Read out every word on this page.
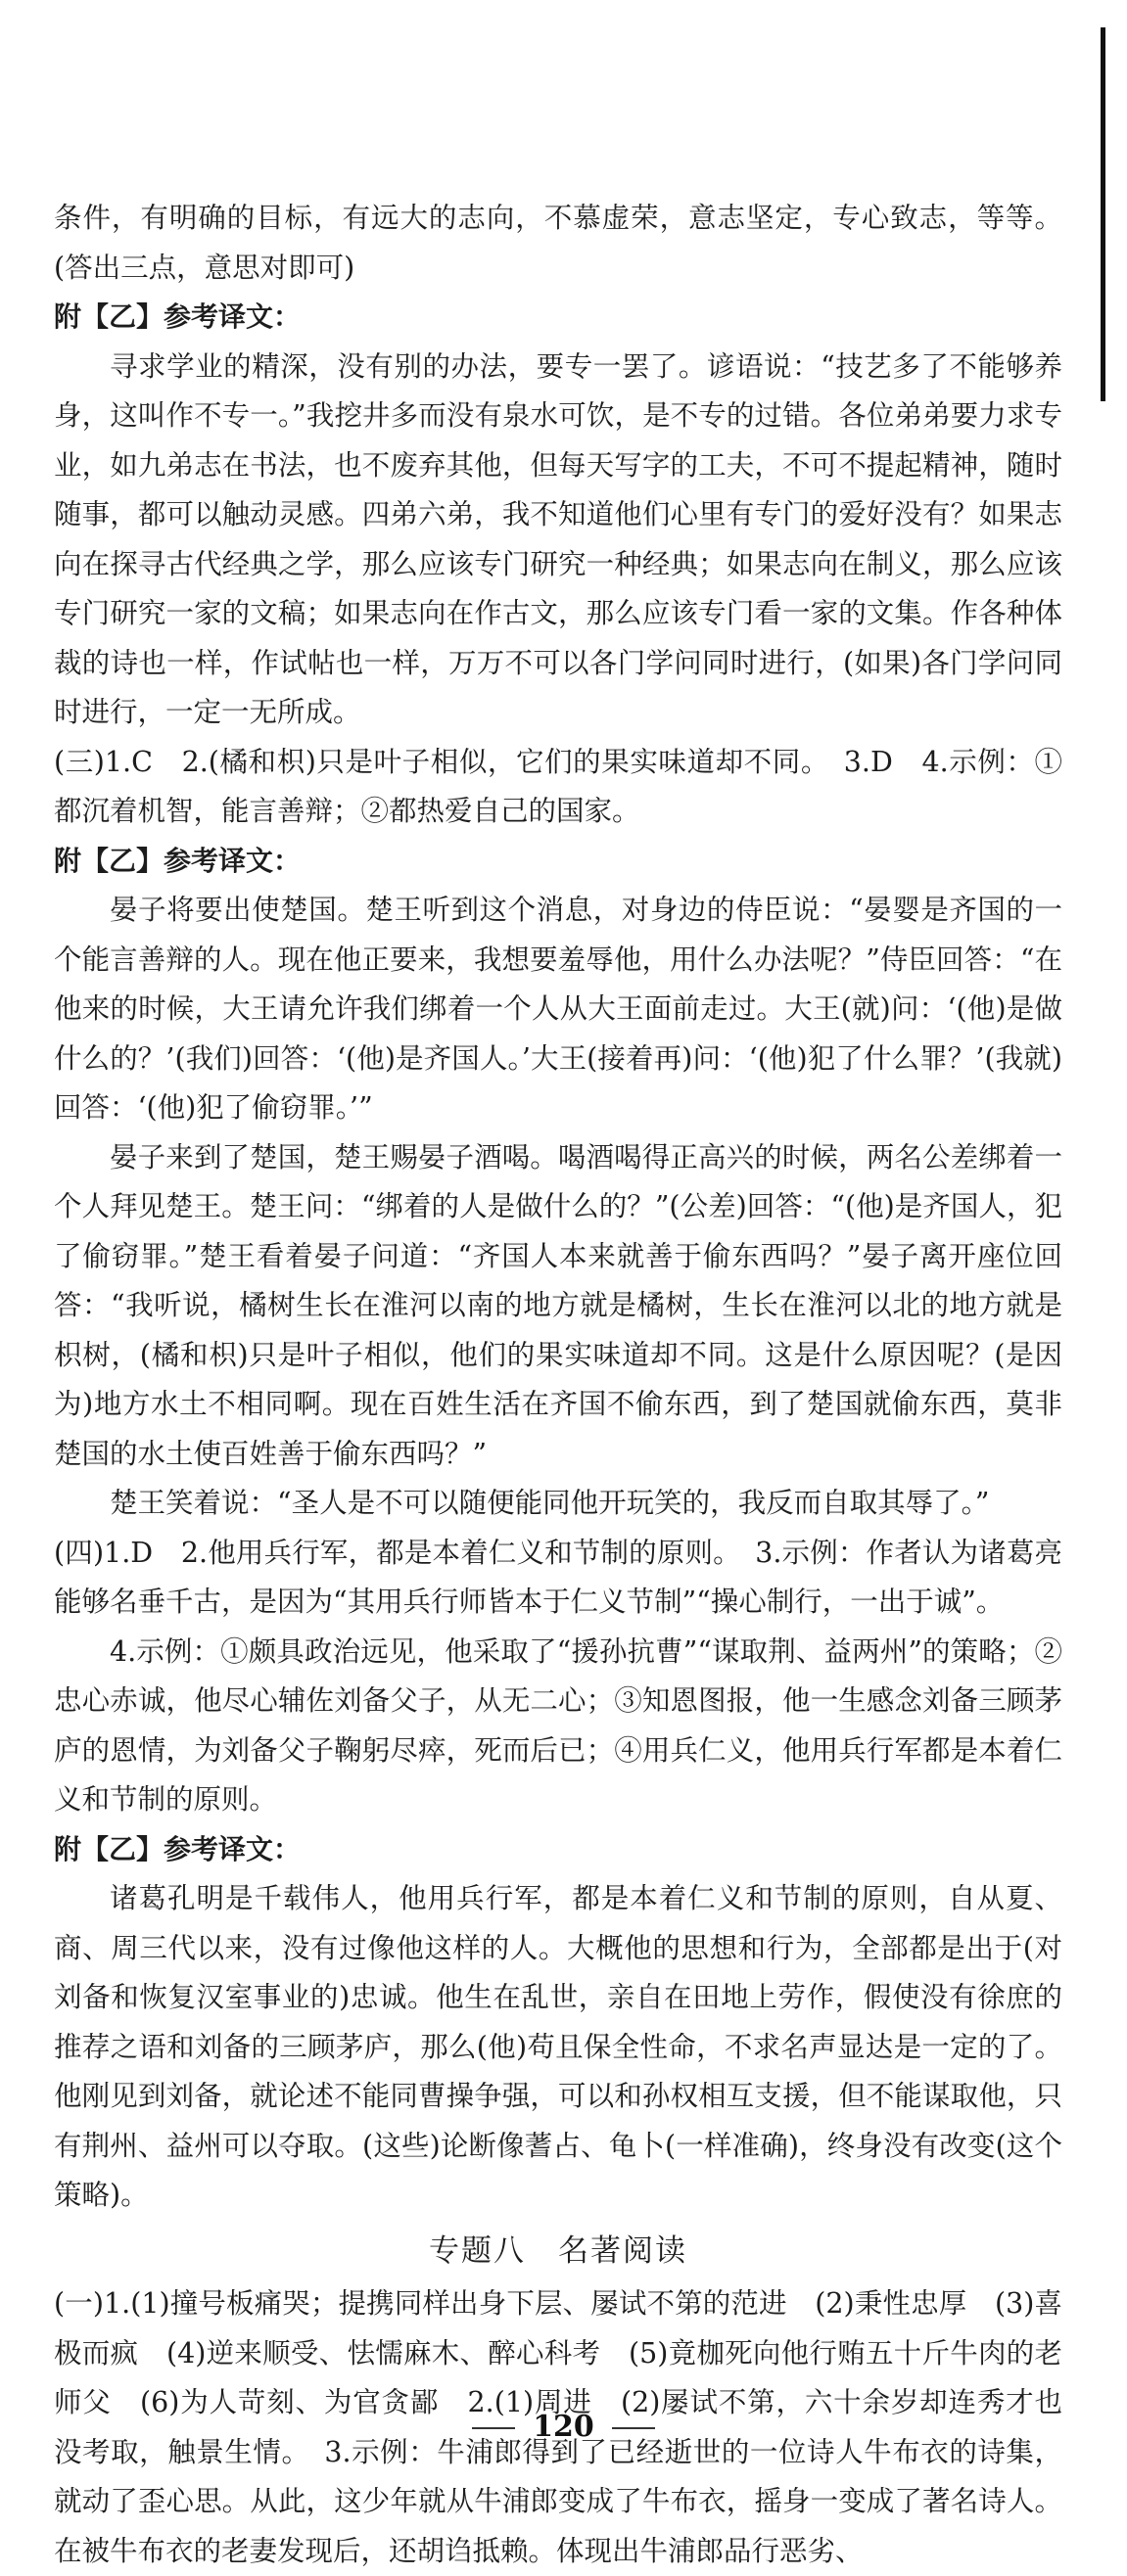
条件，有明确的目标，有远大的志向，不慕虚荣，意志坚定，专心致志，等等。(答出三点，意思对即可)

附【乙】参考译文：

寻求学业的精深，没有别的办法，要专一罢了。谚语说：“技艺多了不能够养身，这叫作不专一。”我挖井多而没有泉水可饮，是不专的过错。各位弟弟要力求专业，如九弟志在书法，也不废弃其他，但每天写字的工夫，不可不提起精神，随时随事，都可以触动灵感。四弟六弟，我不知道他们心里有专门的爱好没有？如果志向在探寻古代经典之学，那么应该专门研究一种经典；如果志向在制义，那么应该专门研究一家的文稿；如果志向在作古文，那么应该专门看一家的文集。作各种体裁的诗也一样，作试帖也一样，万万不可以各门学问同时进行，(如果)各门学问同时进行，一定一无所成。

(三)1.C　2.(橘和枳)只是叶子相似，它们的果实味道却不同。　3.D　4.示例：①都沉着机智，能言善辩；②都热爱自己的国家。

附【乙】参考译文：

晏子将要出使楚国。楚王听到这个消息，对身边的侍臣说：“晏婴是齐国的一个能言善辩的人。现在他正要来，我想要羞辱他，用什么办法呢？”侍臣回答：“在他来的时候，大王请允许我们绑着一个人从大王面前走过。大王(就)问：‘(他)是做什么的？’(我们)回答：‘(他)是齐国人。’大王(接着再)问：‘(他)犯了什么罪？’(我就)回答：‘(他)犯了偷窃罪。’”

晏子来到了楚国，楚王赐晏子酒喝。喝酒喝得正高兴的时候，两名公差绑着一个人拜见楚王。楚王问：“绑着的人是做什么的？”(公差)回答：“(他)是齐国人，犯了偷窃罪。”楚王看着晏子问道：“齐国人本来就善于偷东西吗？”晏子离开座位回答：“我听说，橘树生长在淮河以南的地方就是橘树，生长在淮河以北的地方就是枳树，(橘和枳)只是叶子相似，他们的果实味道却不同。这是什么原因呢？(是因为)地方水土不相同啊。现在百姓生活在齐国不偷东西，到了楚国就偷东西，莫非楚国的水土使百姓善于偷东西吗？”

楚王笑着说：“圣人是不可以随便能同他开玩笑的，我反而自取其辱了。”

(四)1.D　2.他用兵行军，都是本着仁义和节制的原则。　3.示例：作者认为诸葛亮能够名垂千古，是因为“其用兵行师皆本于仁义节制”“操心制行，一出于诚”。

4.示例：①颇具政治远见，他采取了“援孙抗曹”“谋取荆、益两州”的策略；②忠心赤诚，他尽心辅佐刘备父子，从无二心；③知恩图报，他一生感念刘备三顾茅庐的恩情，为刘备父子鞠躬尽瘁，死而后已；④用兵仁义，他用兵行军都是本着仁义和节制的原则。

附【乙】参考译文：

诸葛孔明是千载伟人，他用兵行军，都是本着仁义和节制的原则，自从夏、商、周三代以来，没有过像他这样的人。大概他的思想和行为，全部都是出于(对刘备和恢复汉室事业的)忠诚。他生在乱世，亲自在田地上劳作，假使没有徐庶的推荐之语和刘备的三顾茅庐，那么(他)苟且保全性命，不求名声显达是一定的了。他刚见到刘备，就论述不能同曹操争强，可以和孙权相互支援，但不能谋取他，只有荆州、益州可以夺取。(这些)论断像蓍占、龟卜(一样准确)，终身没有改变(这个策略)。

专题八　名著阅读

(一)1.(1)撞号板痛哭；提携同样出身下层、屡试不第的范进　(2)秉性忠厚　(3)喜极而疯　(4)逆来顺受、怯懦麻木、醉心科考　(5)竟枷死向他行贿五十斤牛肉的老师父　(6)为人苛刻、为官贪鄙　2.(1)周进　(2)屡试不第，六十余岁却连秀才也没考取，触景生情。　3.示例：牛浦郎得到了已经逝世的一位诗人牛布衣的诗集，就动了歪心思。从此，这少年就从牛浦郎变成了牛布衣，摇身一变成了著名诗人。在被牛布衣的老妻发现后，还胡诌抵赖。体现出牛浦郎品行恶劣、

120
